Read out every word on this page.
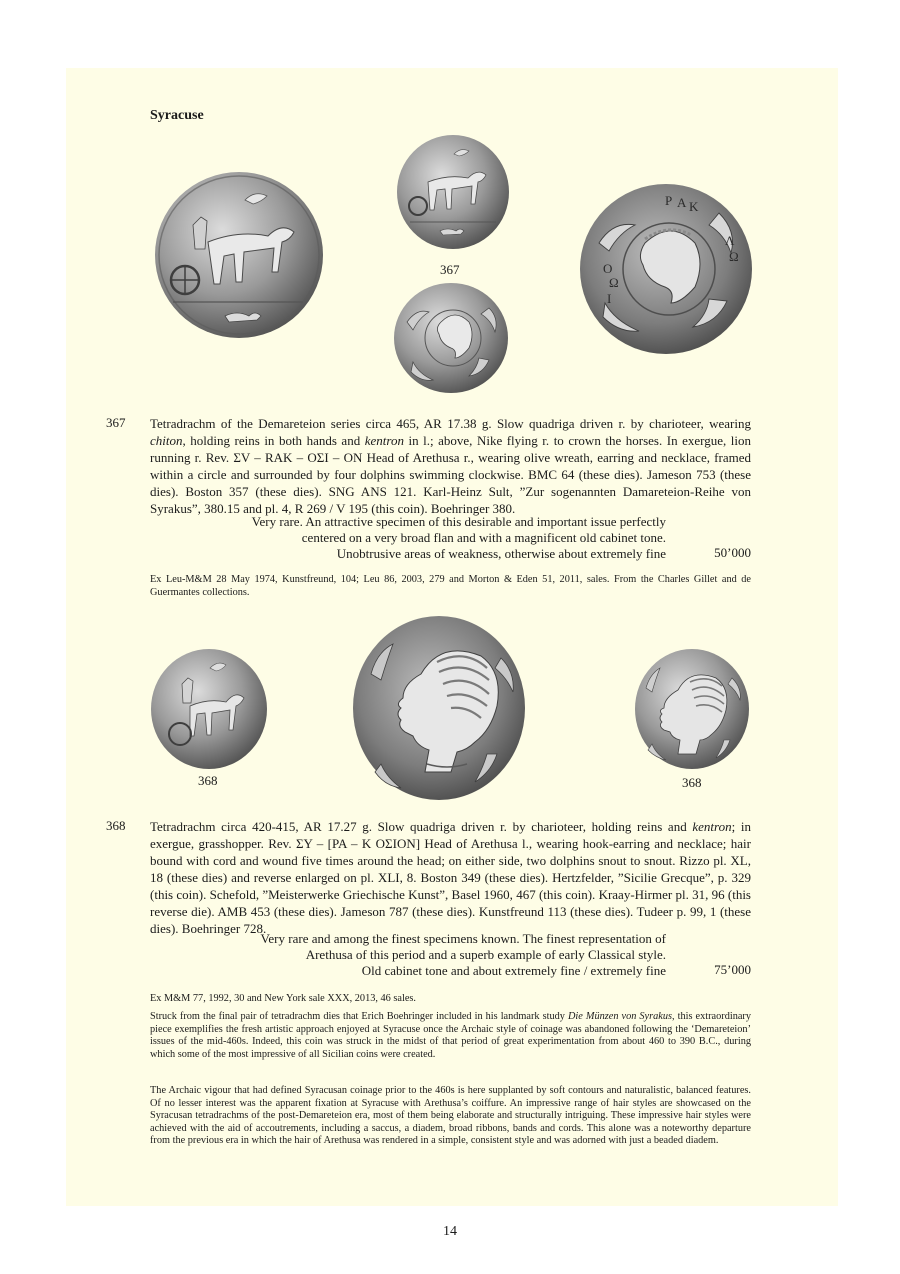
Syracuse
367
P A K
Λ
Ω
Ω
O
I
367 Tetradrachm of the Demareteion series circa 465, AR 17.38 g. Slow quadriga driven r. by charioteer, wearing chiton, holding reins in both hands and kentron in l.; above, Nike flying r. to crown the horses. In exergue, lion running r. Rev. ΣV – RAK – OΣI – ON Head of Arethusa r., wearing olive wreath, earring and necklace, framed within a circle and surrounded by four dolphins swimming clockwise. BMC 64 (these dies). Jameson 753 (these dies). Boston 357 (these dies). SNG ANS 121. Karl-Heinz Sult, ”Zur sogenannten Damareteion-Reihe von Syrakus”, 380.15 and pl. 4, R 269 / V 195 (this coin). Boehringer 380.
Very rare. An attractive specimen of this desirable and important issue perfectly
centered on a very broad flan and with a magnificent old cabinet tone.
Unobtrusive areas of weakness, otherwise about extremely fine	50’000
Ex Leu-M&M 28 May 1974, Kunstfreund, 104; Leu 86, 2003, 279 and Morton & Eden 51, 2011, sales. From the Charles Gillet and de Guermantes collections.
368	368
368 Tetradrachm circa 420-415, AR 17.27 g. Slow quadriga driven r. by charioteer, holding reins and kentron; in exergue, grasshopper. Rev. ΣY – [PA – K OΣIOΝ] Head of Arethusa l., wearing hook-earring and necklace; hair bound with cord and wound five times around the head; on either side, two dolphins snout to snout. Rizzo pl. XL, 18 (these dies) and reverse enlarged on pl. XLI, 8. Boston 349 (these dies). Hertzfelder, ”Sicilie Grecque”, p. 329 (this coin). Schefold, ”Meisterwerke Griechische Kunst”, Basel 1960, 467 (this coin). Kraay-Hirmer pl. 31, 96 (this reverse die). AMB 453 (these dies). Jameson 787 (these dies). Kunstfreund 113 (these dies). Tudeer p. 99, 1 (these dies). Boehringer 728.
Very rare and among the finest specimens known. The finest representation of
Arethusa of this period and a superb example of early Classical style.
Old cabinet tone and about extremely fine / extremely fine	75’000
Ex M&M 77, 1992, 30 and New York sale XXX, 2013, 46 sales.
Struck from the final pair of tetradrachm dies that Erich Boehringer included in his landmark study Die Münzen von Syrakus, this extraordinary piece exemplifies the fresh artistic approach enjoyed at Syracuse once the Archaic style of coinage was abandoned following the ‘Demareteion’ issues of the mid-460s. Indeed, this coin was struck in the midst of that period of great experimentation from about 460 to 390 B.C., during which some of the most impressive of all Sicilian coins were created.
The Archaic vigour that had defined Syracusan coinage prior to the 460s is here supplanted by soft contours and naturalistic, balanced features. Of no lesser interest was the apparent fixation at Syracuse with Arethusa’s coiffure. An impressive range of hair styles are showcased on the Syracusan tetradrachms of the post-Demareteion era, most of them being elaborate and structurally intriguing. These impressive hair styles were achieved with the aid of accoutrements, including a saccus, a diadem, broad ribbons, bands and cords. This alone was a noteworthy departure from the previous era in which the hair of Arethusa was rendered in a simple, consistent style and was adorned with just a beaded diadem.
14
